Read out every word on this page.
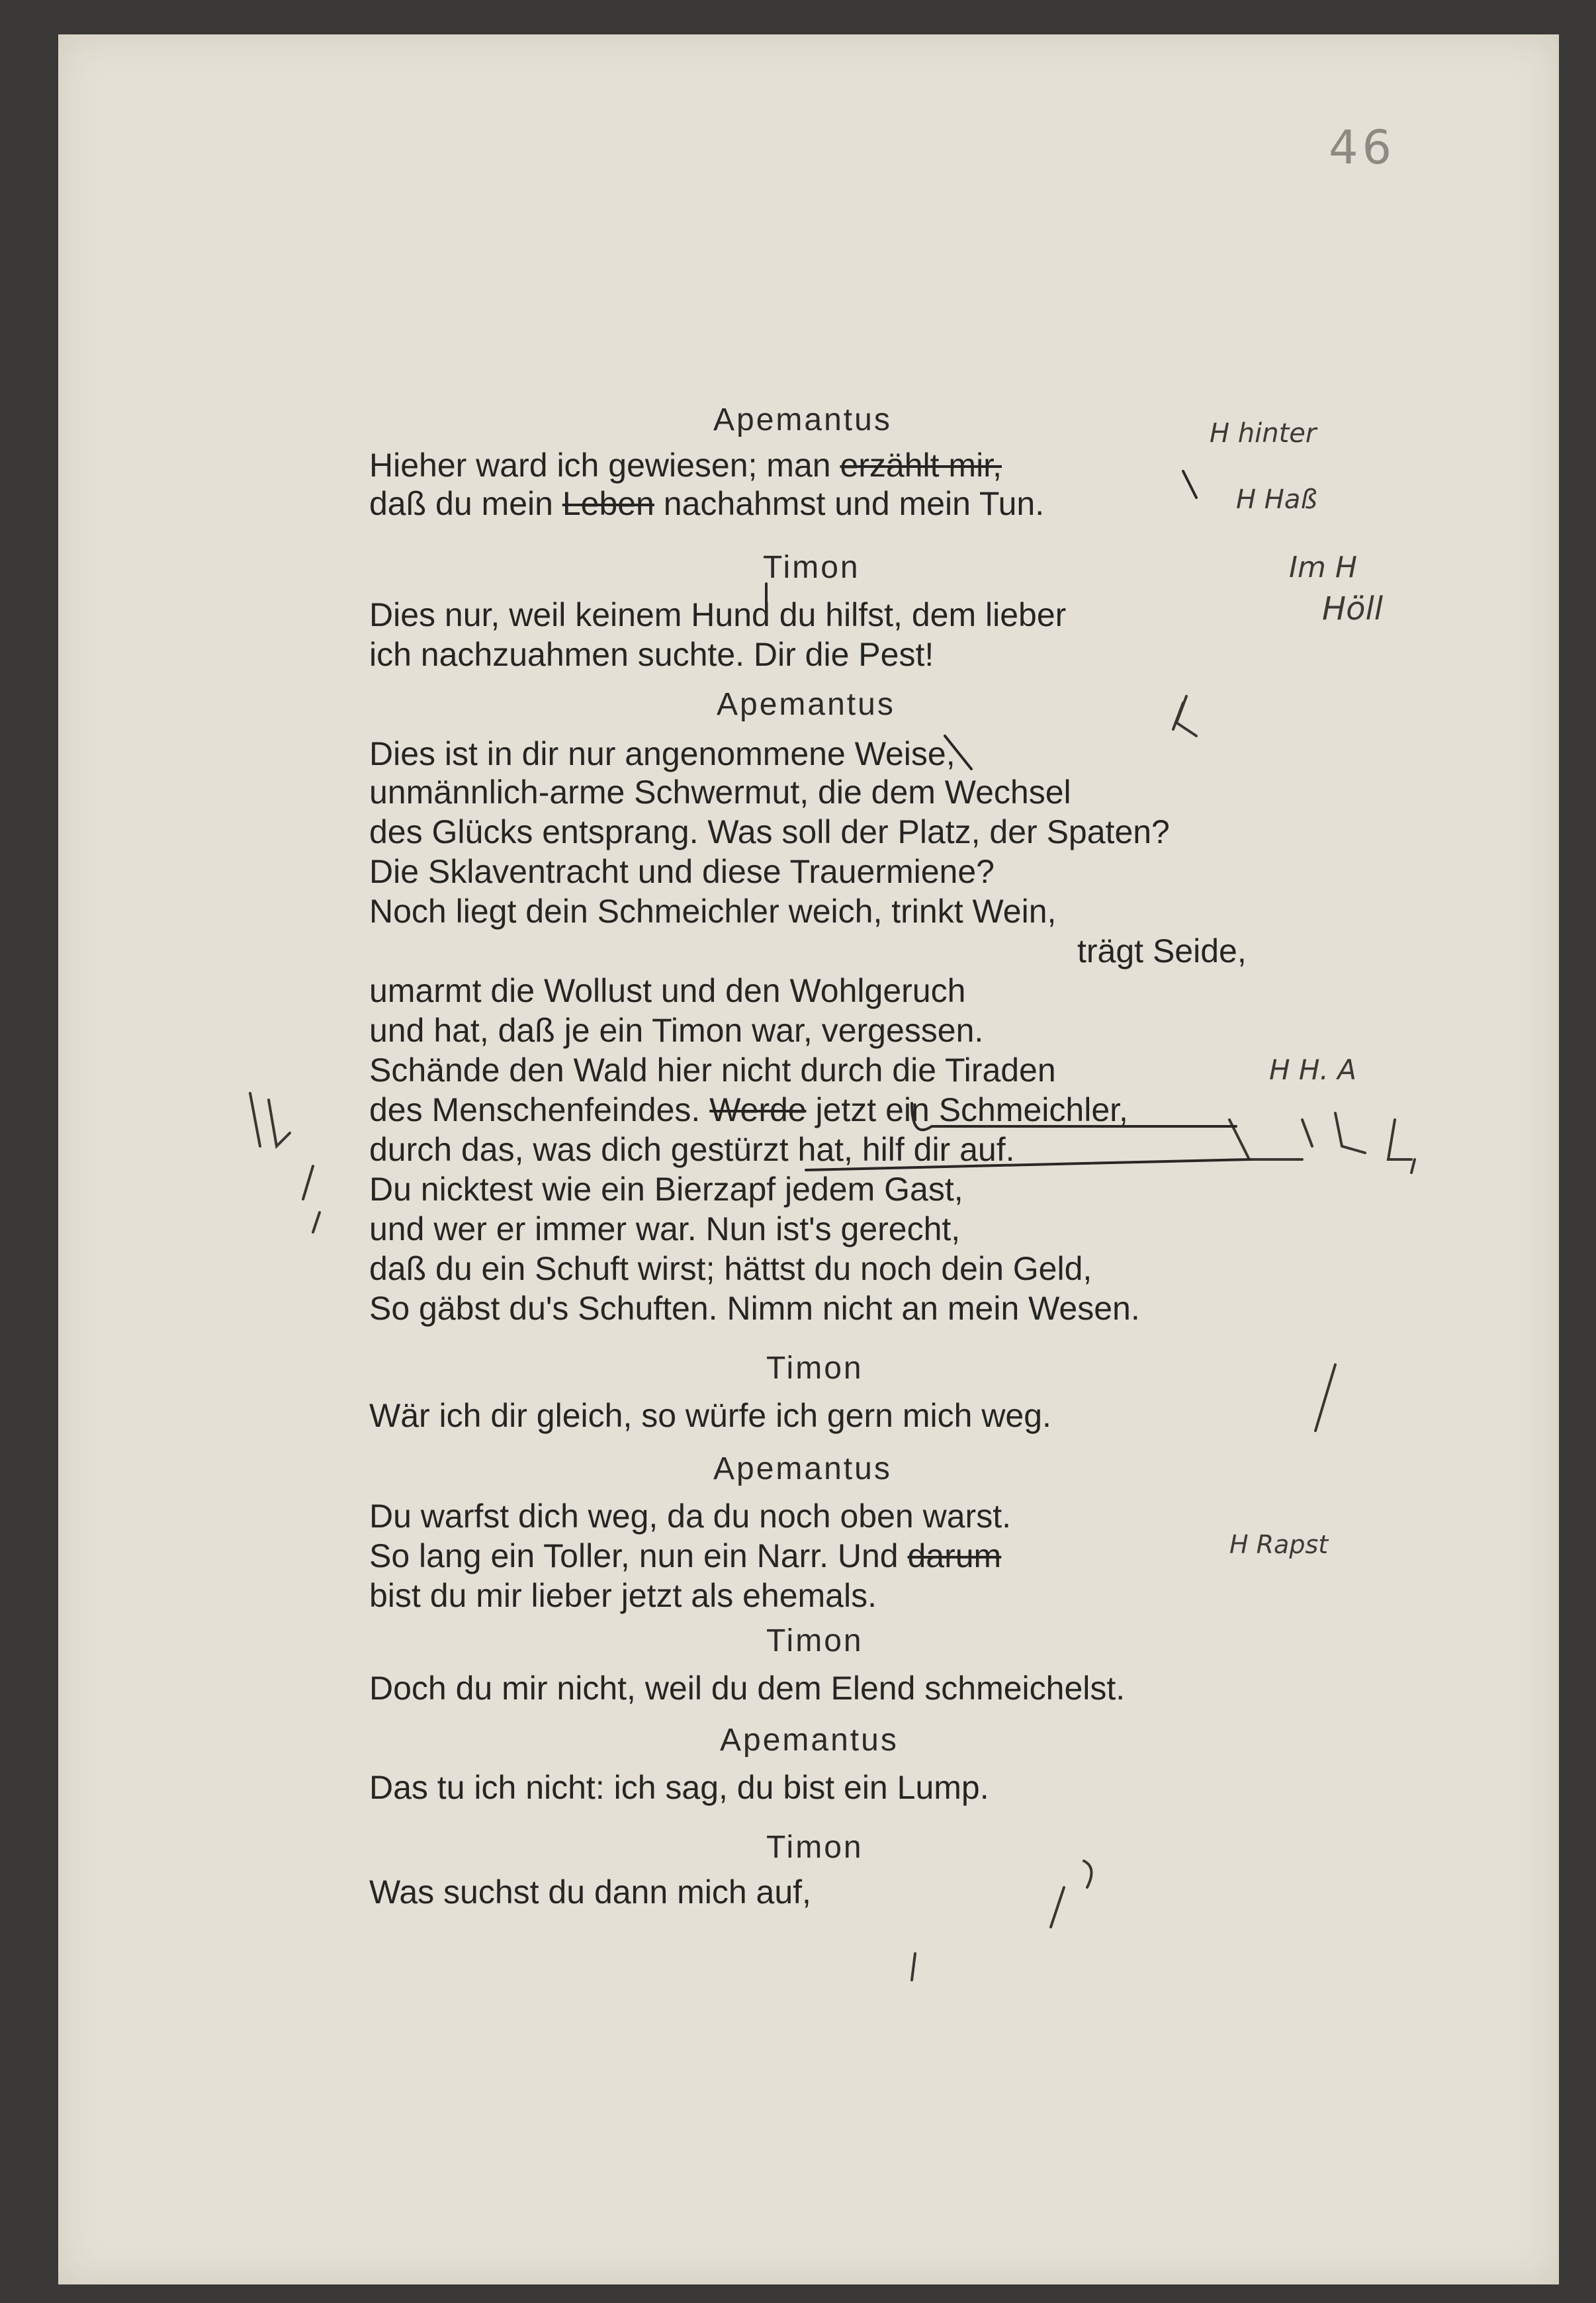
46
Apemantus
Hieher ward ich gewiesen; man erzählt mir,
daß du mein Leben nachahmst und mein Tun.
Timon
Dies nur, weil keinem Hund du hilfst, dem lieber
ich nachzuahmen suchte. Dir die Pest!
Apemantus
Dies ist in dir nur angenommene Weise,
unmännlich-arme Schwermut, die dem Wechsel
des Glücks entsprang. Was soll der Platz, der Spaten?
Die Sklaventracht und diese Trauermiene?
Noch liegt dein Schmeichler weich, trinkt Wein,
trägt Seide,
umarmt die Wollust und den Wohlgeruch
und hat, daß je ein Timon war, vergessen.
Schände den Wald hier nicht durch die Tiraden
des Menschenfeindes. Werde jetzt ein Schmeichler,
durch das, was dich gestürzt hat, hilf dir auf.
Du nicktest wie ein Bierzapf jedem Gast,
und wer er immer war. Nun ist's gerecht,
daß du ein Schuft wirst; hättst du noch dein Geld,
So gäbst du's Schuften. Nimm nicht an mein Wesen.
Timon
Wär ich dir gleich, so würfe ich gern mich weg.
Apemantus
Du warfst dich weg, da du noch oben warst.
So lang ein Toller, nun ein Narr. Und darum
bist du mir lieber jetzt als ehemals.
Timon
Doch du mir nicht, weil du dem Elend schmeichelst.
Apemantus
Das tu ich nicht: ich sag, du bist ein Lump.
Timon
Was suchst du dann mich auf,
H hinter
H Haß
Im H
Höll
H H. A
H Rapst
